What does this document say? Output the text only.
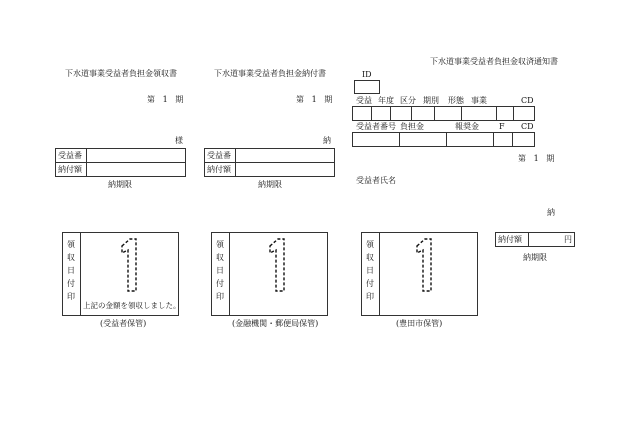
下水道事業受益者負担金領収書
第 1 期
様
受益番	
納付額	
納期限
領
収
日
付
印
上記の金額を領収しました。
(受益者保管)
下水道事業受益者負担金納付書
第 1 期
納
受益番	
納付額	
納期限
領
収
日
付
印
(金融機関・郵便局保管)
下水道事業受益者負担金収済通知書
ID
受益 年度 区分 期別 形態 事業	CD

受益者番号 負担金	報奨金	F CD

第 1 期
受益者氏名
納
納付額	円
納期限
領
収
日
付
印
(豊田市保管)
